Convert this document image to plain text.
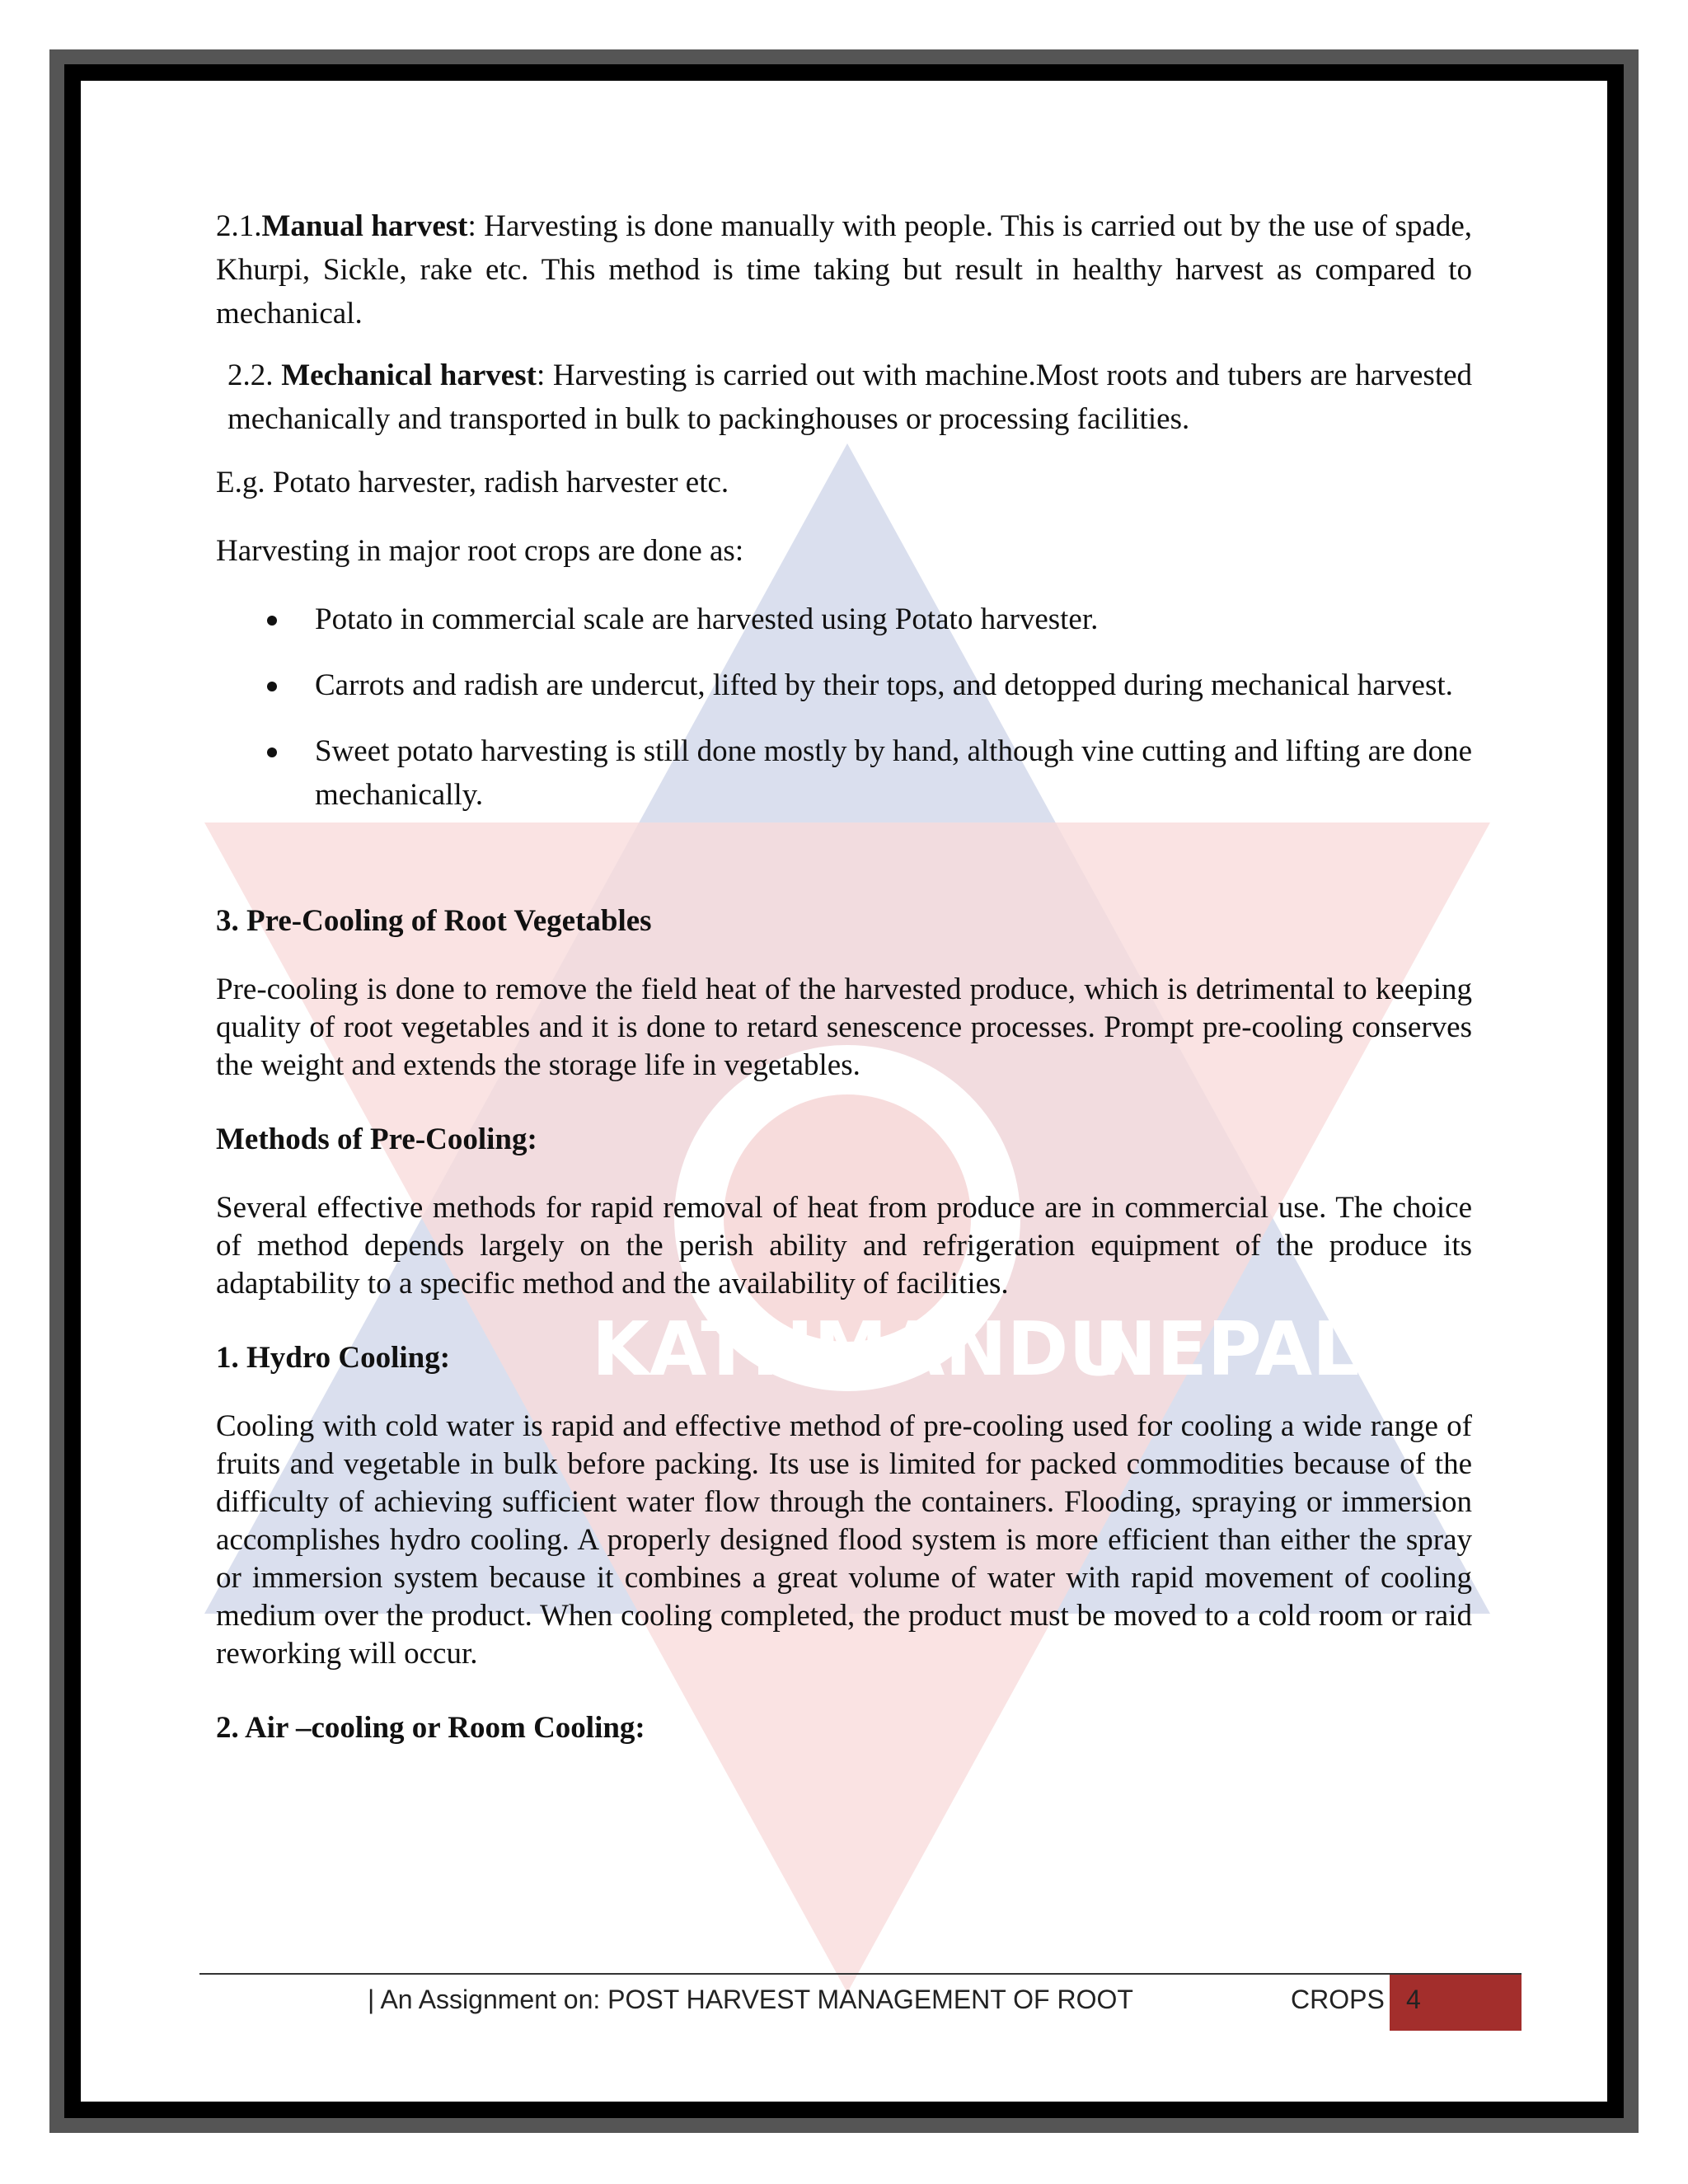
KATHMANDU
NEPAL

2.1.Manual harvest: Harvesting is done manually with people. This is carried out by the use of spade, Khurpi, Sickle, rake etc. This method is time taking but result in healthy harvest as compared to mechanical.

2.2. Mechanical harvest: Harvesting is carried out with machine.Most roots and tubers are harvested mechanically and transported in bulk to packinghouses or processing facilities.

E.g. Potato harvester, radish harvester etc.

Harvesting in major root crops are done as:

Potato in commercial scale are harvested using Potato harvester.
Carrots and radish are undercut, lifted by their tops, and detopped during mechanical harvest.
Sweet potato harvesting is still done mostly by hand, although vine cutting and lifting are done mechanically.
3. Pre-Cooling of Root Vegetables

Pre-cooling is done to remove the field heat of the harvested produce, which is detrimental to keeping quality of root vegetables and it is done to retard senescence processes. Prompt pre-cooling conserves the weight and extends the storage life in vegetables.

Methods of Pre-Cooling:

Several effective methods for rapid removal of heat from produce are in commercial use. The choice of method depends largely on the perish ability and refrigeration equipment of the produce its adaptability to a specific method and the availability of facilities.

1. Hydro Cooling:

Cooling with cold water is rapid and effective method of pre-cooling used for cooling a wide range of fruits and vegetable in bulk before packing. Its use is limited for packed commodities because of the difficulty of achieving sufficient water flow through the containers. Flooding, spraying or immersion accomplishes hydro cooling. A properly designed flood system is more efficient than either the spray or immersion system because it combines a great volume of water with rapid movement of cooling medium over the product. When cooling completed, the product must be moved to a cold room or raid reworking will occur.

2. Air –cooling or Room Cooling:
| An Assignment on: POST HARVEST MANAGEMENT OF ROOT	CROPS 4
